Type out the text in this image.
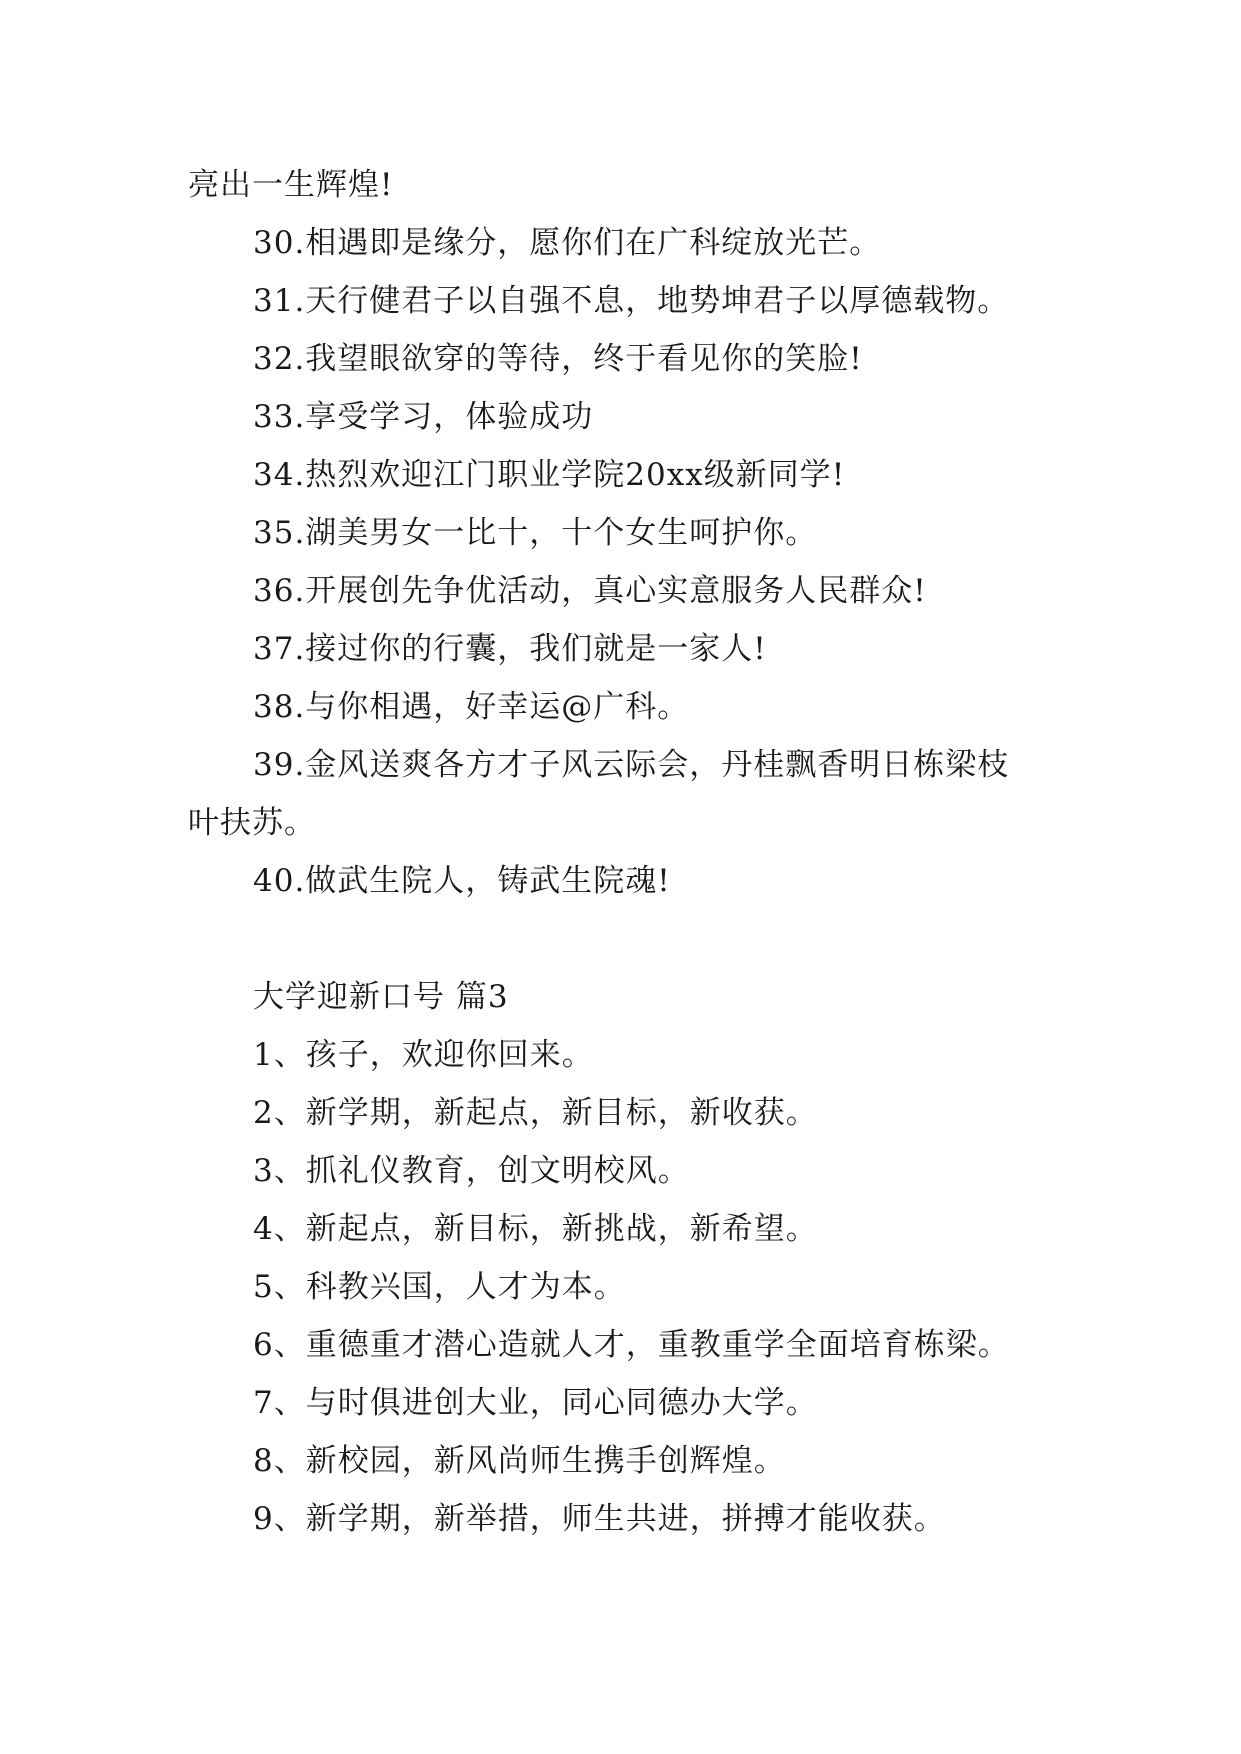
亮出一生辉煌!
30.相遇即是缘分，愿你们在广科绽放光芒。
31.天行健君子以自强不息，地势坤君子以厚德载物。
32.我望眼欲穿的等待，终于看见你的笑脸!
33.享受学习，体验成功
34.热烈欢迎江门职业学院20xx级新同学!
35.湖美男女一比十，十个女生呵护你。
36.开展创先争优活动，真心实意服务人民群众!
37.接过你的行囊，我们就是一家人!
38.与你相遇，好幸运@广科。
39.金风送爽各方才子风云际会，丹桂飘香明日栋梁枝
叶扶苏。
40.做武生院人，铸武生院魂!
大学迎新口号 篇3
1、孩子，欢迎你回来。
2、新学期，新起点，新目标，新收获。
3、抓礼仪教育，创文明校风。
4、新起点，新目标，新挑战，新希望。
5、科教兴国，人才为本。
6、重德重才潜心造就人才，重教重学全面培育栋梁。
7、与时俱进创大业，同心同德办大学。
8、新校园，新风尚师生携手创辉煌。
9、新学期，新举措，师生共进，拼搏才能收获。
